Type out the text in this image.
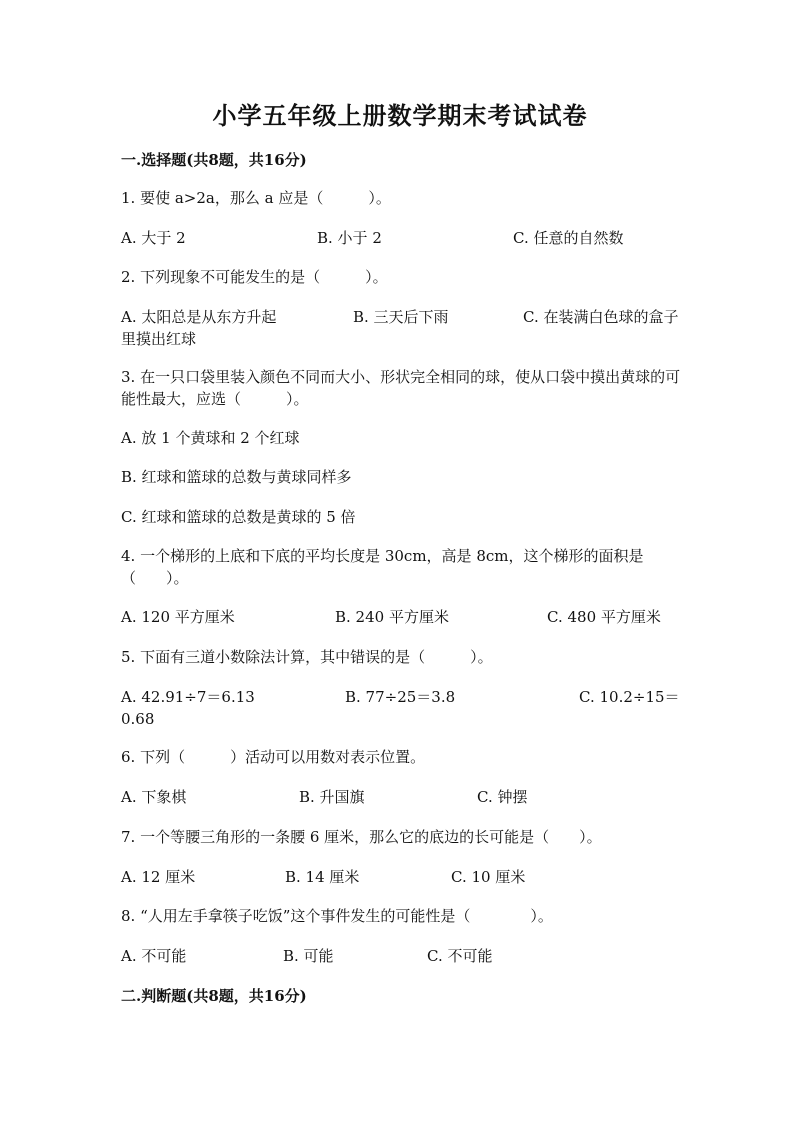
小学五年级上册数学期末考试试卷
一.选择题(共8题，共16分)
1. 要使 a>2a，那么 a 应是（　　　）。
A. 大于 2	B. 小于 2	C. 任意的自然数
2. 下列现象不可能发生的是（　　　）。
A. 太阳总是从东方升起	B. 三天后下雨	C. 在装满白色球的盒子里摸出红球
3. 在一只口袋里装入颜色不同而大小、形状完全相同的球，使从口袋中摸出黄球的可能性最大，应选（　　　）。
A. 放 1 个黄球和 2 个红球
B. 红球和篮球的总数与黄球同样多
C. 红球和篮球的总数是黄球的 5 倍
4. 一个梯形的上底和下底的平均长度是 30cm，高是 8cm，这个梯形的面积是（　　）。
A. 120 平方厘米	B. 240 平方厘米	C. 480 平方厘米
5. 下面有三道小数除法计算，其中错误的是（　　　）。
A. 42.91÷7＝6.13	B. 77÷25＝3.8	C. 10.2÷15＝0.68
6. 下列（　　　）活动可以用数对表示位置。
A. 下象棋	B. 升国旗	C. 钟摆
7. 一个等腰三角形的一条腰 6 厘米，那么它的底边的长可能是（　　）。
A. 12 厘米	B. 14 厘米	C. 10 厘米
8. “人用左手拿筷子吃饭”这个事件发生的可能性是（　　　　）。
A. 不可能	B. 可能	C. 不可能
二.判断题(共8题，共16分)
